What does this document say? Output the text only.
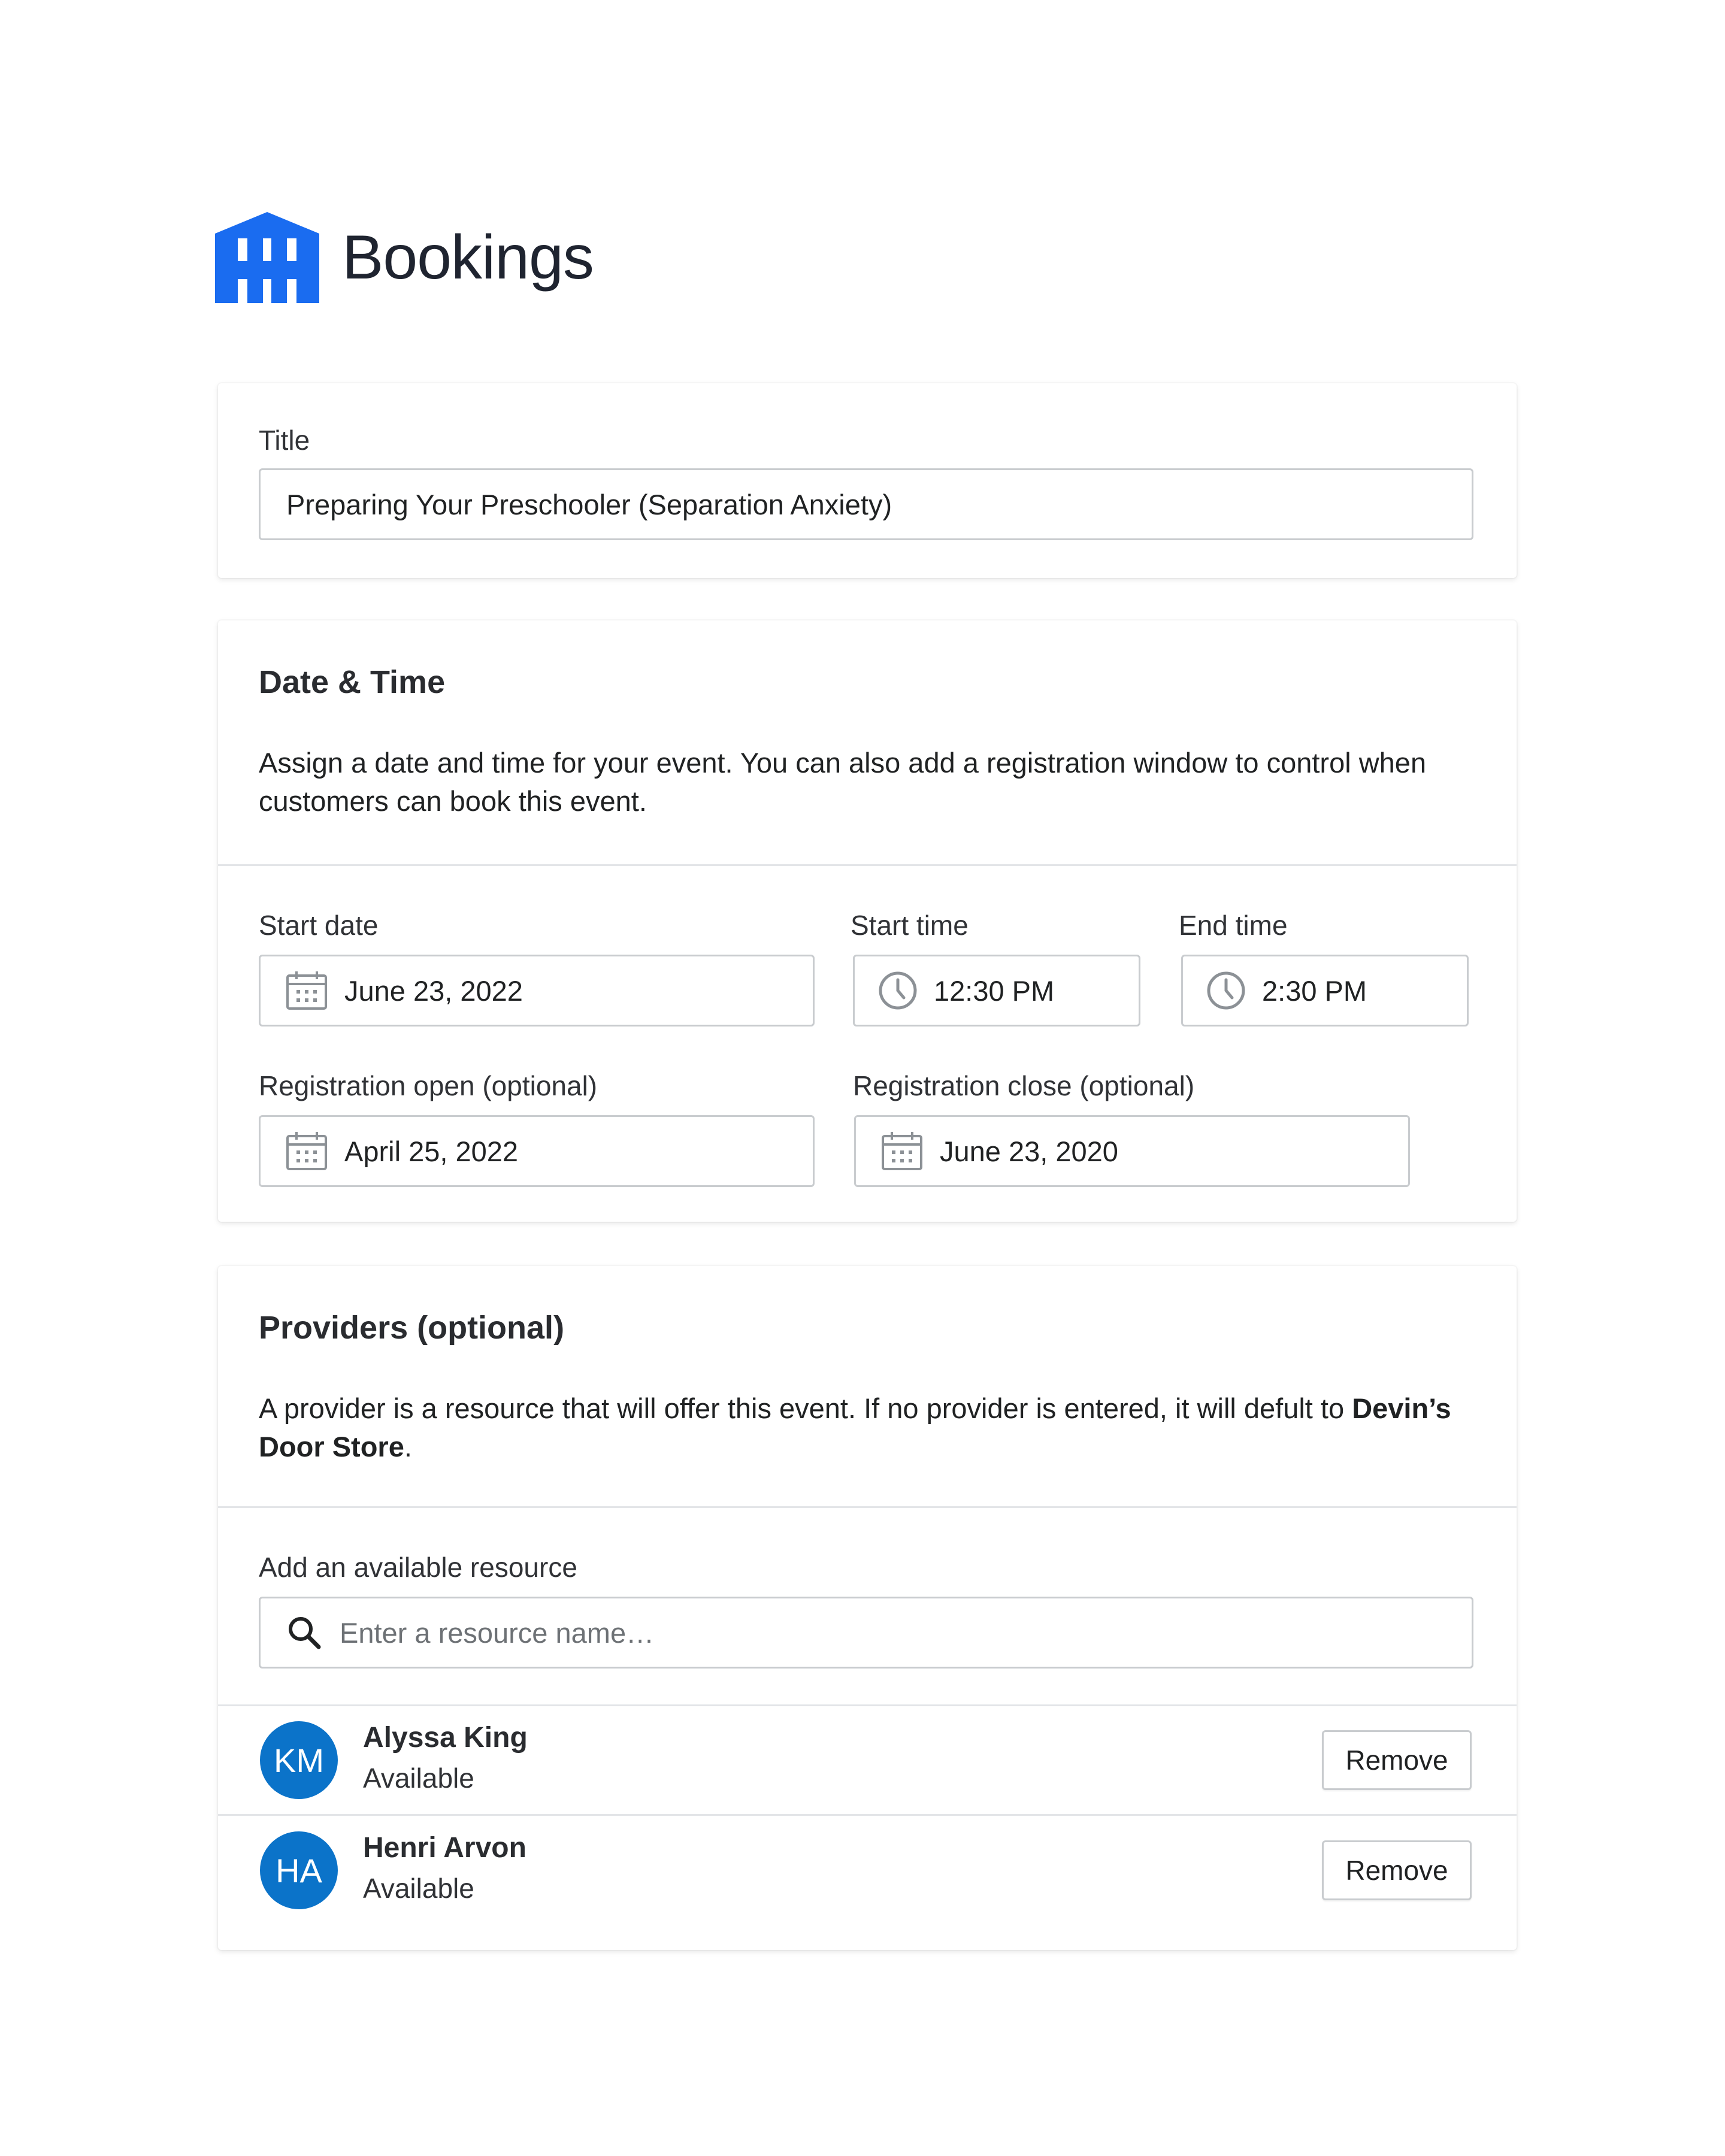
Bookings
Title
Preparing Your Preschooler (Separation Anxiety)
Date & Time
Assign a date and time for your event. You can also add a registration window to control when customers can book this event.
Start date
June 23, 2022
Start time
12:30 PM
End time
2:30 PM
Registration open (optional)
April 25, 2022
Registration close (optional)
June 23, 2020
Providers (optional)
A provider is a resource that will offer this event. If no provider is entered, it will defult to Devin’s Door Store.
Add an available resource
Enter a resource name…
KM
Alyssa King
Available
Remove
HA
Henri Arvon
Available
Remove
